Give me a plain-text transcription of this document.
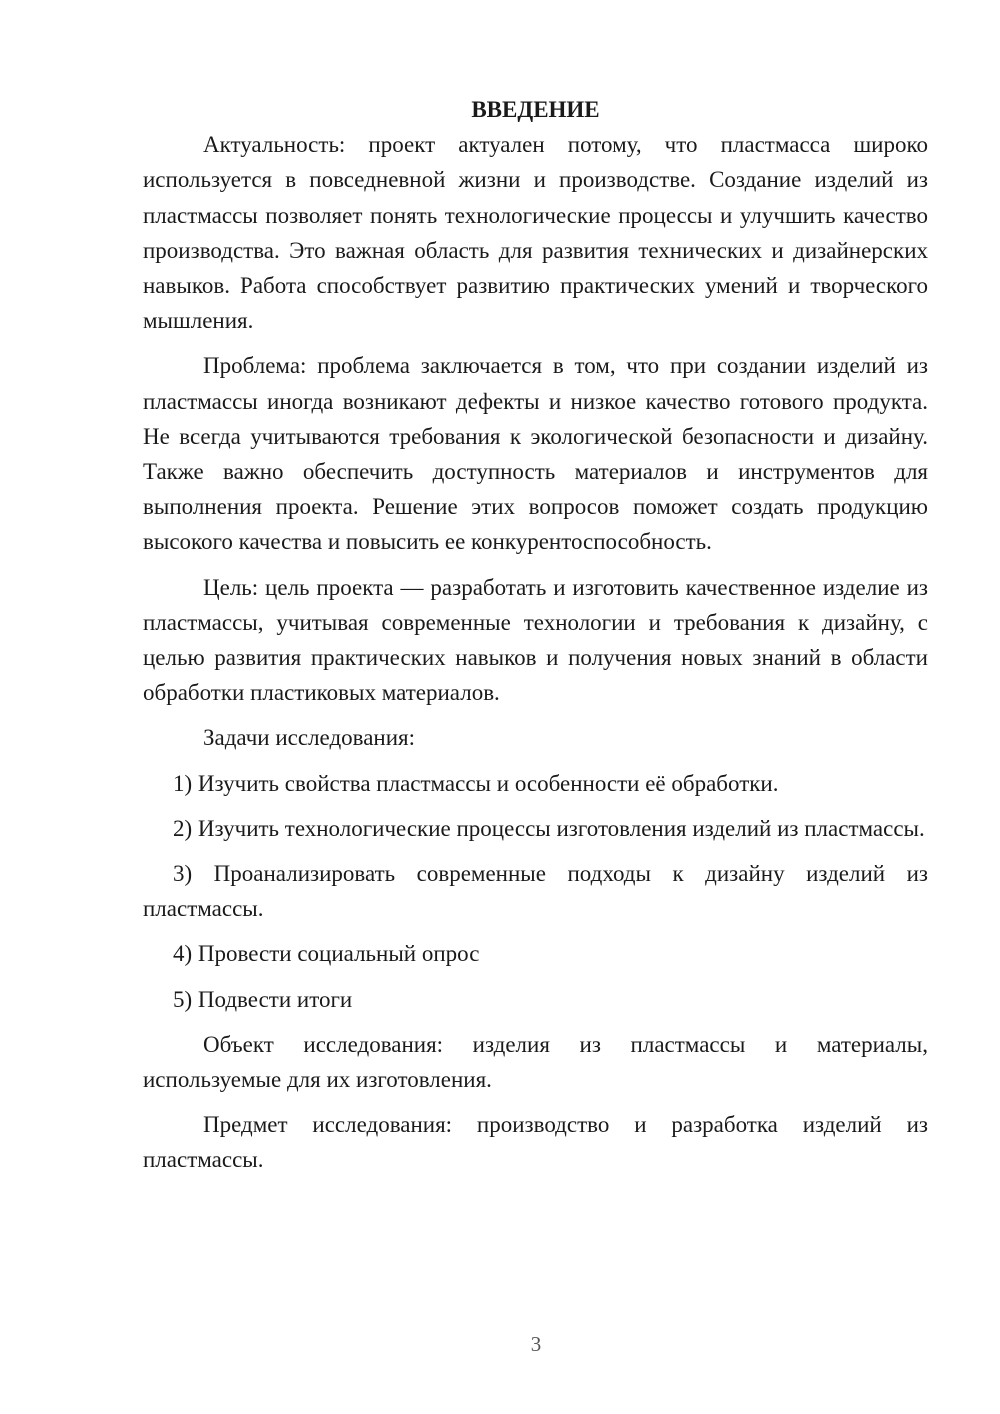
ВВЕДЕНИЕ

Актуальность: проект актуален потому, что пластмасса широко используется в повседневной жизни и производстве. Создание изделий из пластмассы позволяет понять технологические процессы и улучшить качество производства. Это важная область для развития технических и дизайнерских навыков. Работа способствует развитию практических умений и творческого мышления.

Проблема: проблема заключается в том, что при создании изделий из пластмассы иногда возникают дефекты и низкое качество готового продукта. Не всегда учитываются требования к экологической безопасности и дизайну. Также важно обеспечить доступность материалов и инструментов для выполнения проекта. Решение этих вопросов поможет создать продукцию высокого качества и повысить ее конкурентоспособность.

Цель: цель проекта — разработать и изготовить качественное изделие из пластмассы, учитывая современные технологии и требования к дизайну, с целью развития практических навыков и получения новых знаний в области обработки пластиковых материалов.

Задачи исследования:

1) Изучить свойства пластмассы и особенности её обработки.

2) Изучить технологические процессы изготовления изделий из пластмассы.

3) Проанализировать современные подходы к дизайну изделий из пластмассы.

4) Провести социальный опрос

5) Подвести итоги

Объект исследования: изделия из пластмассы и материалы, используемые для их изготовления.

Предмет исследования: производство и разработка изделий из пластмассы.

3
